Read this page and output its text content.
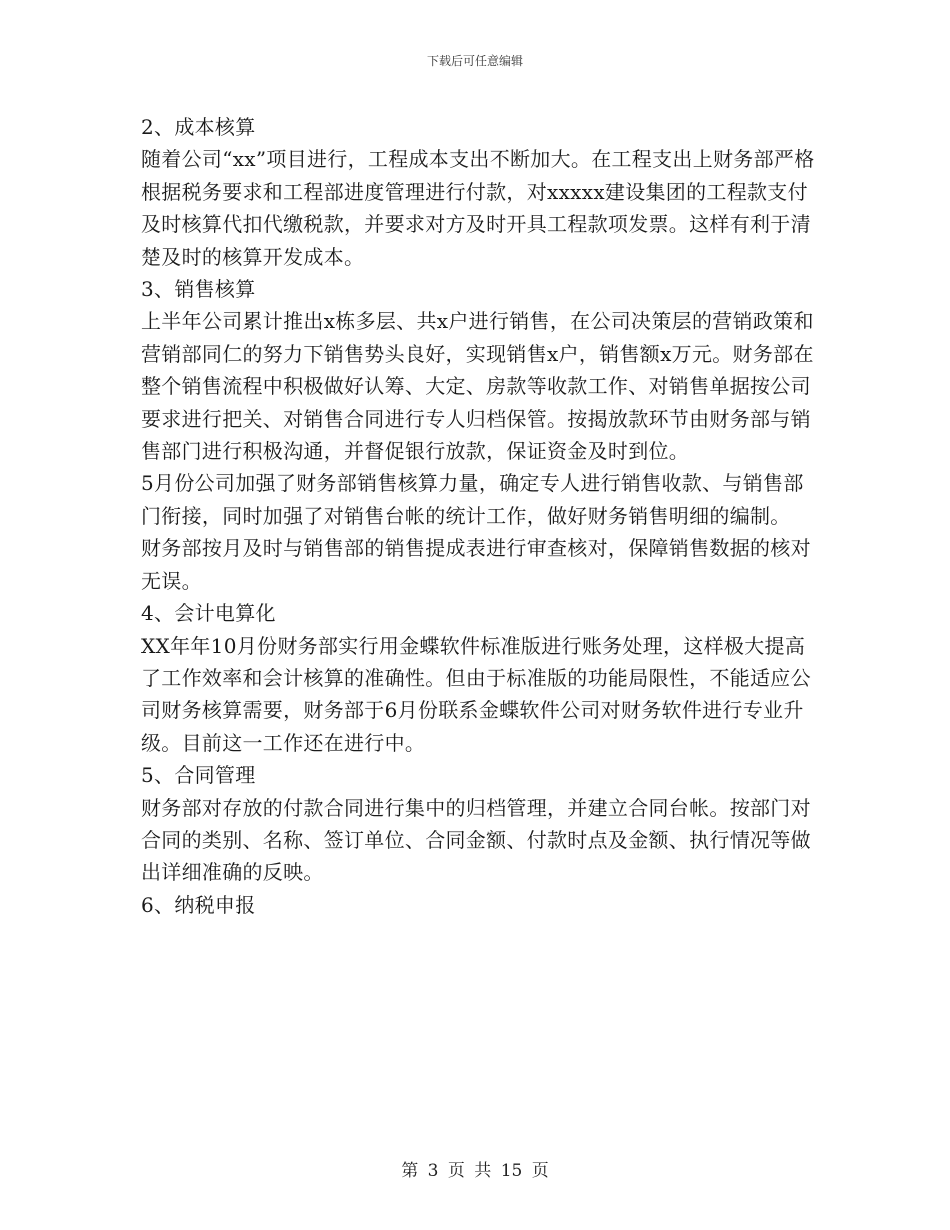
下载后可任意编辑

2、成本核算

随着公司“xx”项目进行，工程成本支出不断加大。在工程支出上财务部严格根据税务要求和工程部进度管理进行付款，对xxxxx建设集团的工程款支付及时核算代扣代缴税款，并要求对方及时开具工程款项发票。这样有利于清楚及时的核算开发成本。

3、销售核算

上半年公司累计推出x栋多层、共x户进行销售，在公司决策层的营销政策和营销部同仁的努力下销售势头良好，实现销售x户，销售额x万元。财务部在整个销售流程中积极做好认筹、大定、房款等收款工作、对销售单据按公司要求进行把关、对销售合同进行专人归档保管。按揭放款环节由财务部与销售部门进行积极沟通，并督促银行放款，保证资金及时到位。

5月份公司加强了财务部销售核算力量，确定专人进行销售收款、与销售部门衔接，同时加强了对销售台帐的统计工作，做好财务销售明细的编制。

财务部按月及时与销售部的销售提成表进行审查核对，保障销售数据的核对无误。

4、会计电算化

XX年年10月份财务部实行用金蝶软件标准版进行账务处理，这样极大提高了工作效率和会计核算的准确性。但由于标准版的功能局限性，不能适应公司财务核算需要，财务部于6月份联系金蝶软件公司对财务软件进行专业升级。目前这一工作还在进行中。

5、合同管理

财务部对存放的付款合同进行集中的归档管理，并建立合同台帐。按部门对合同的类别、名称、签订单位、合同金额、付款时点及金额、执行情况等做出详细准确的反映。

6、纳税申报

第 3 页 共 15 页
